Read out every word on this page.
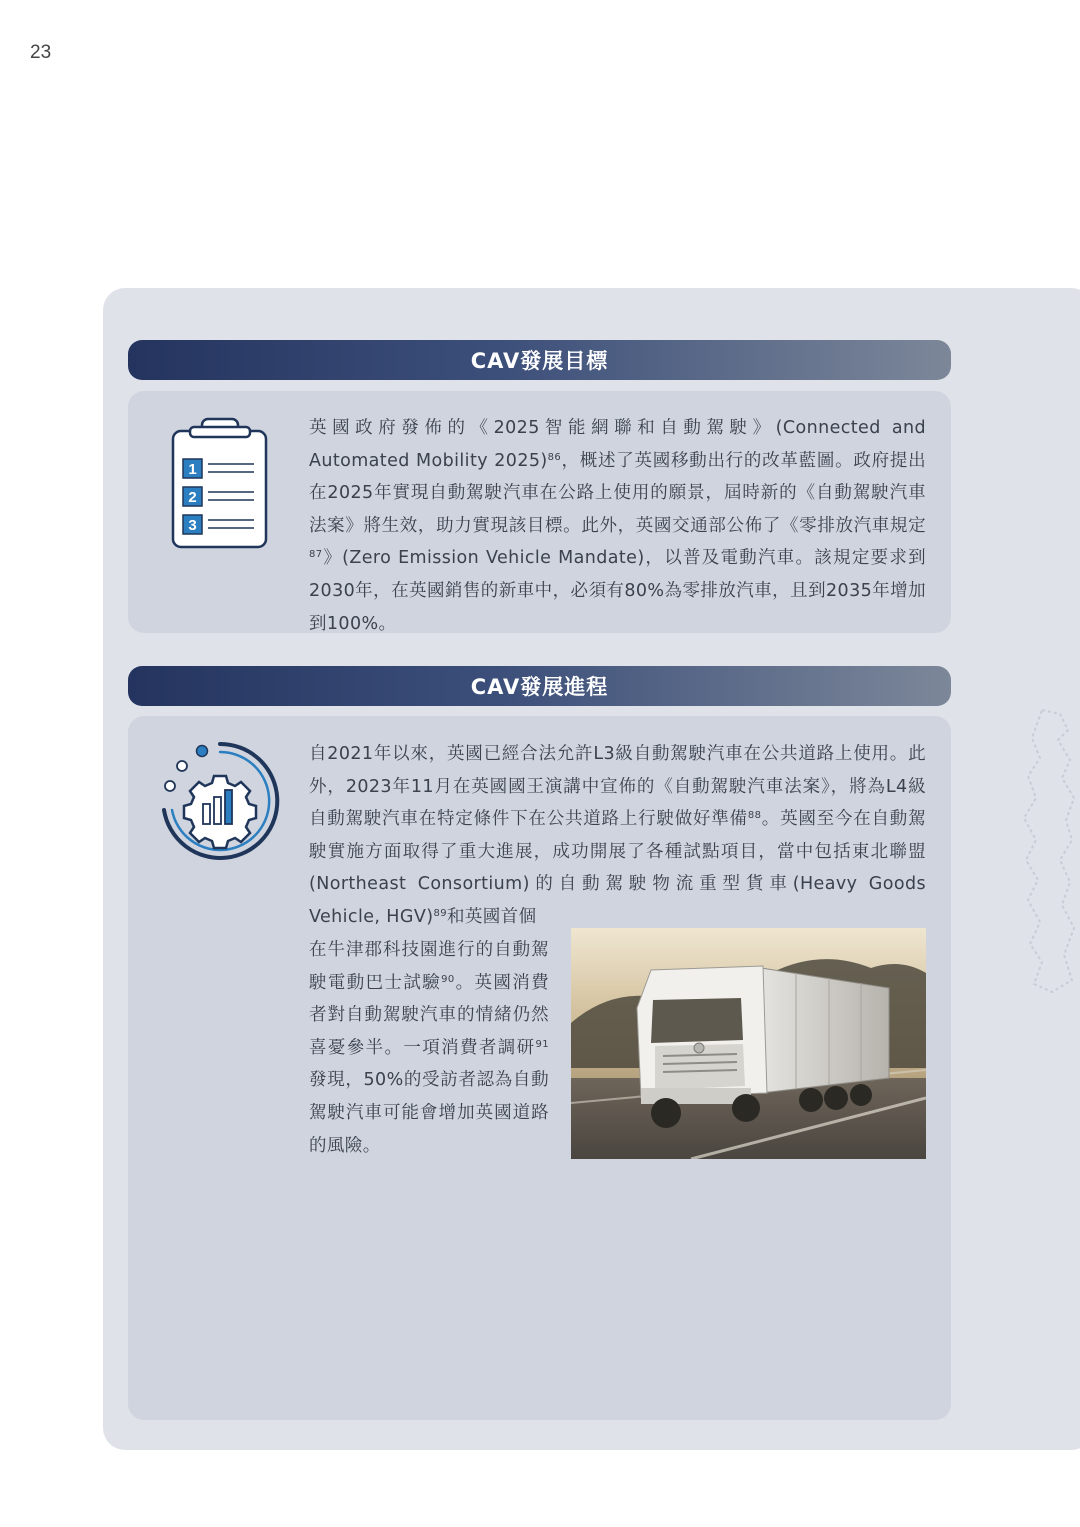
23
CAV發展目標
1
2
3

英國政府發佈的《2025智能網聯和自動駕駛》(Connected and Automated Mobility 2025)$^{86}$，概述了英國移動出行的改革藍圖。政府提出在2025年實現自動駕駛汽車在公路上使用的願景，屆時新的《自動駕駛汽車法案》將生效，助力實現該目標。此外，英國交通部公佈了《零排放汽車規定$^{87}$》(Zero Emission Vehicle Mandate)，以普及電動汽車。該規定要求到2030年，在英國銷售的新車中，必須有80%為零排放汽車，且到2035年增加到100%。

CAV發展進程

自2021年以來，英國已經合法允許L3級自動駕駛汽車在公共道路上使用。此外，2023年11月在英國國王演講中宣佈的《自動駕駛汽車法案》，將為L4級自動駕駛汽車在特定條件下在公共道路上行駛做好準備$^{88}$。英國至今在自動駕駛實施方面取得了重大進展，成功開展了各種試點項目，當中包括東北聯盟(Northeast Consortium)的自動駕駛物流重型貨車(Heavy Goods Vehicle, HGV)$^{89}$和英國首個

在牛津郡科技園進行的自動駕駛電動巴士試驗$^{90}$。英國消費者對自動駕駛汽車的情緒仍然喜憂參半。一項消費者調研$^{91}$發現，50%的受訪者認為自動駕駛汽車可能會增加英國道路的風險。
